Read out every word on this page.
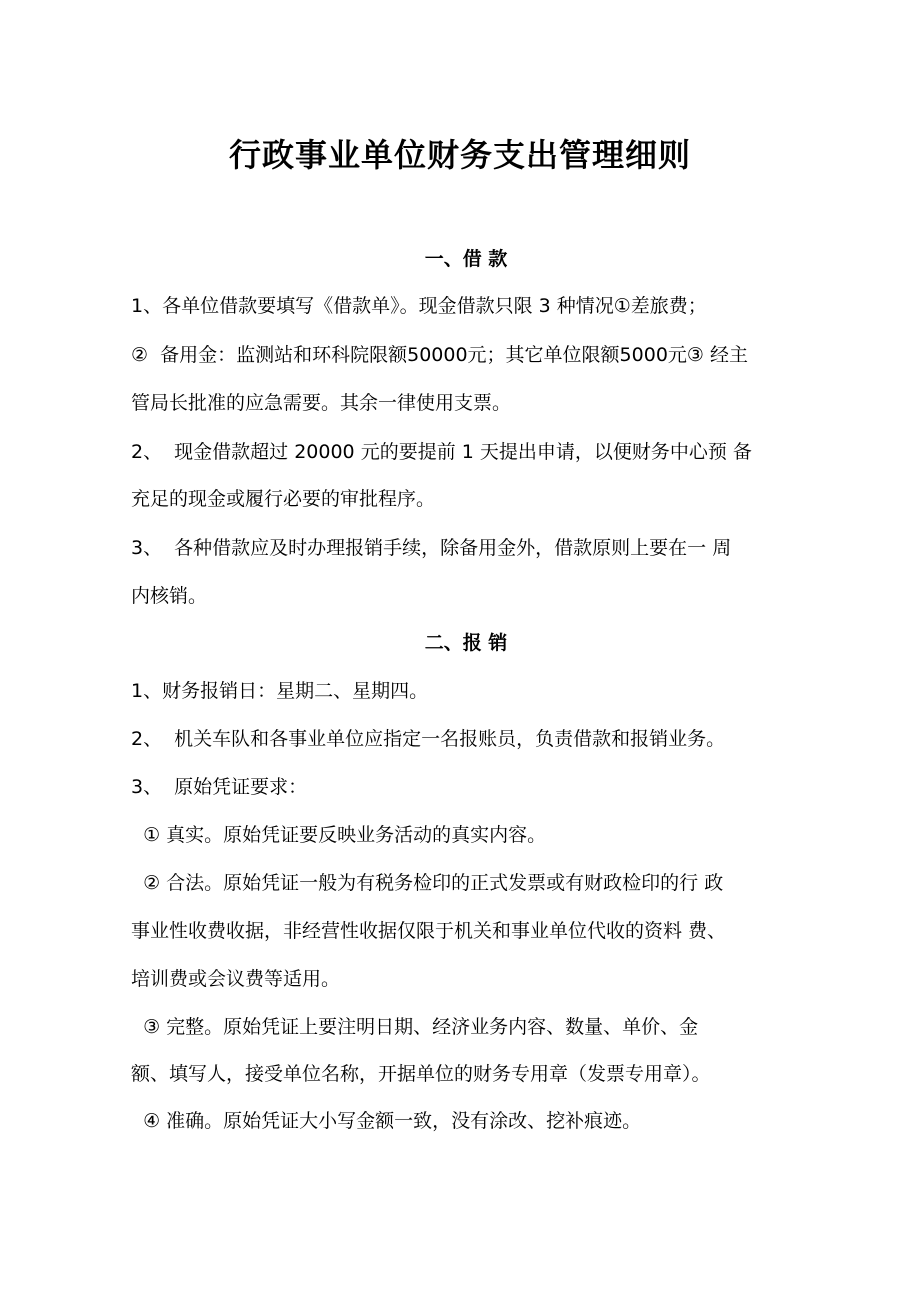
行政事业单位财务支出管理细则
一、借 款
1、各单位借款要填写《借款单》。现金借款只限 3 种情况①差旅费；
②  备用金：监测站和环科院限额50000元；其它单位限额5000元③ 经主
管局长批准的应急需要。其余一律使用支票。
2、  现金借款超过 20000 元的要提前 1 天提出申请，以便财务中心预 备
充足的现金或履行必要的审批程序。
3、  各种借款应及时办理报销手续，除备用金外，借款原则上要在一 周
内核销。
二、报 销
1、财务报销日：星期二、星期四。
2、  机关车队和各事业单位应指定一名报账员，负责借款和报销业务。
3、  原始凭证要求：
① 真实。原始凭证要反映业务活动的真实内容。
② 合法。原始凭证一般为有税务检印的正式发票或有财政检印的行 政
事业性收费收据，非经营性收据仅限于机关和事业单位代收的资料 费、
培训费或会议费等适用。
③ 完整。原始凭证上要注明日期、经济业务内容、数量、单价、金
额、填写人，接受单位名称，开据单位的财务专用章（发票专用章）。
④ 准确。原始凭证大小写金额一致，没有涂改、挖补痕迹。
